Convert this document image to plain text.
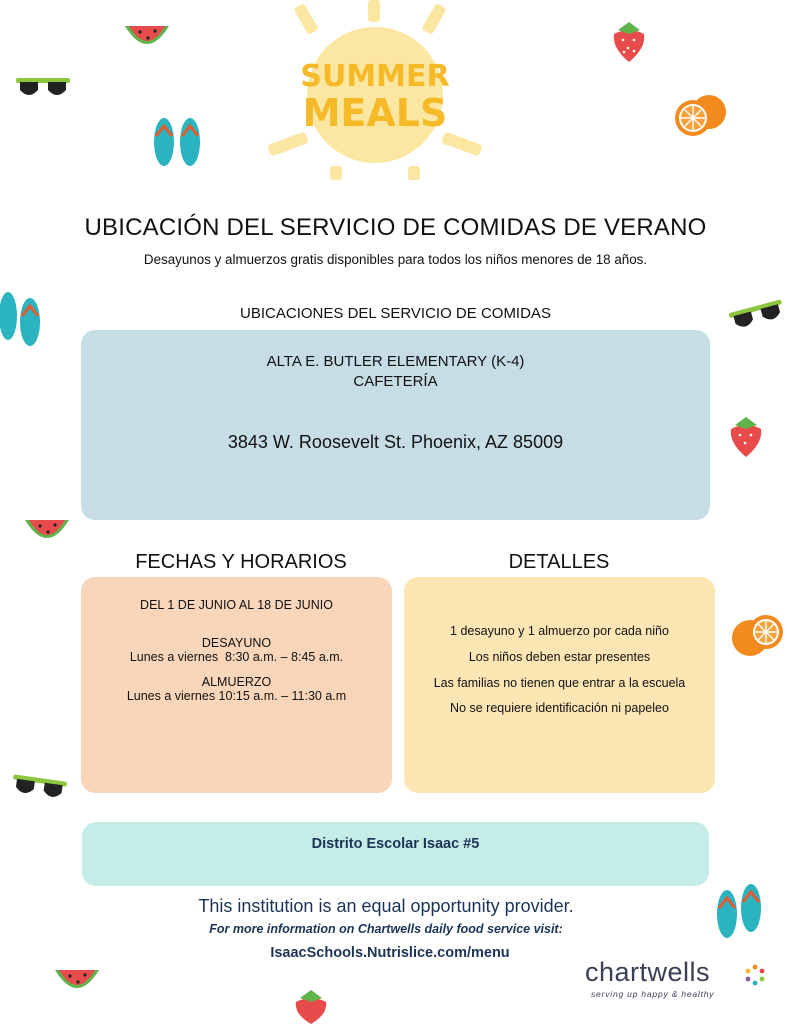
SUMMER
MEALS
UBICACIÓN DEL SERVICIO DE COMIDAS DE VERANO
Desayunos y almuerzos gratis disponibles para todos los niños menores de 18 años.
UBICACIONES DEL SERVICIO DE COMIDAS
ALTA E. BUTLER ELEMENTARY (K-4)
CAFETERÍA
3843 W. Roosevelt St. Phoenix, AZ 85009
FECHAS Y HORARIOS	DETALLES
DEL 1 DE JUNIO AL 18 DE JUNIO
DESAYUNO
Lunes a viernes  8:30 a.m. – 8:45 a.m.
ALMUERZO
Lunes a viernes 10:15 a.m. – 11:30 a.m
1 desayuno y 1 almuerzo por cada niño
Los niños deben estar presentes
Las familias no tienen que entrar a la escuela
No se requiere identificación ni papeleo
Distrito Escolar Isaac #5
This institution is an equal opportunity provider.
For more information on Chartwells daily food service visit:
IsaacSchools.Nutrislice.com/menu
chartwells
serving up happy & healthy
